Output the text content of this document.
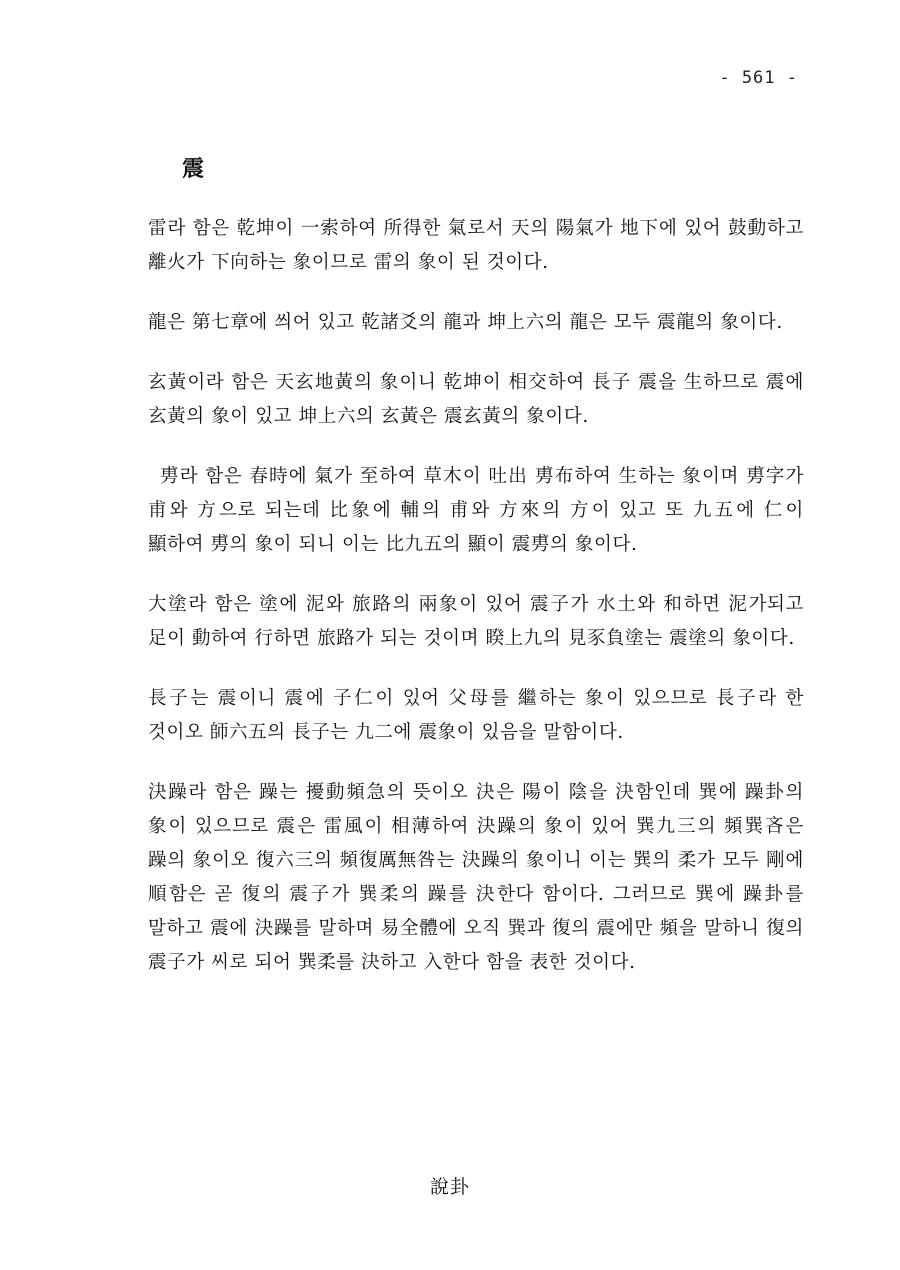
- 561 -
震

雷라 함은 乾坤이 一索하여 所得한 氣로서 天의 陽氣가 地下에 있어 鼓動하고 離火가 下向하는 象이므로 雷의 象이 된 것이다.

龍은 第七章에 씌어 있고 乾諸爻의 龍과 坤上六의 龍은 모두 震龍의 象이다.

玄黃이라 함은 天玄地黃의 象이니 乾坤이 相交하여 長子 震을 生하므로 震에 玄黃의 象이 있고 坤上六의 玄黃은 震玄黃의 象이다.

旉라 함은 春時에 氣가 至하여 草木이 吐出 旉布하여 生하는 象이며 旉字가 甫와 方으로 되는데 比象에 輔의 甫와 方來의 方이 있고 또 九五에 仁이 顯하여 旉의 象이 되니 이는 比九五의 顯이 震旉의 象이다.

大塗라 함은 塗에 泥와 旅路의 兩象이 있어 震子가 水土와 和하면 泥가되고 足이 動하여 行하면 旅路가 되는 것이며 睽上九의 見豕負塗는 震塗의 象이다.

長子는 震이니 震에 子仁이 있어 父母를 繼하는 象이 있으므로 長子라 한 것이오 師六五의 長子는 九二에 震象이 있음을 말함이다.

決躁라 함은 躁는 擾動頻急의 뜻이오 決은 陽이 陰을 決함인데 巽에 躁卦의 象이 있으므로 震은 雷風이 相薄하여 決躁의 象이 있어 巽九三의 頻巽吝은 躁의 象이오 復六三의 頻復厲無咎는 決躁의 象이니 이는 巽의 柔가 모두 剛에 順함은 곧 復의 震子가 巽柔의 躁를 決한다 함이다. 그러므로 巽에 躁卦를 말하고 震에 決躁를 말하며 易全體에 오직 巽과 復의 震에만 頻을 말하니 復의 震子가 씨로 되어 巽柔를 決하고 入한다 함을 表한 것이다.

說卦
